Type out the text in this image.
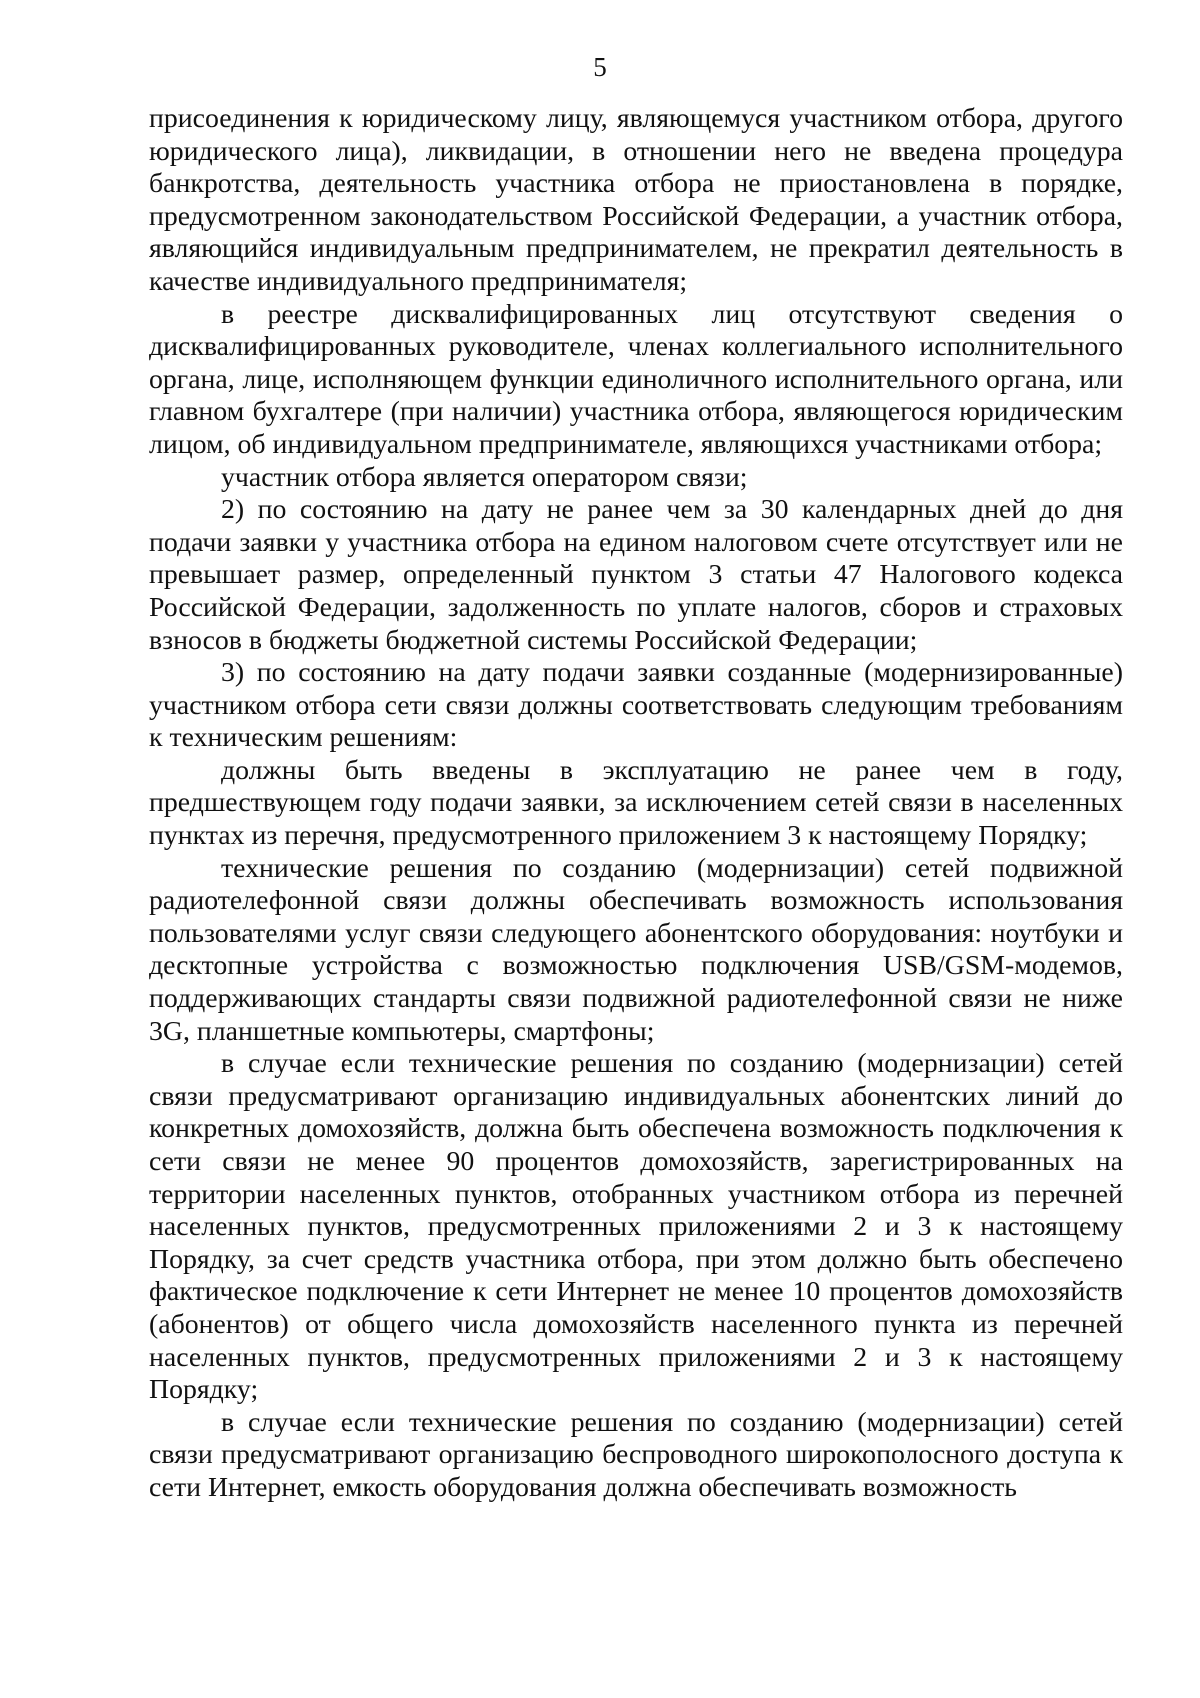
5

присоединения к юридическому лицу, являющемуся участником отбора, другого юридического лица), ликвидации, в отношении него не введена процедура банкротства, деятельность участника отбора не приостановлена в порядке, предусмотренном законодательством Российской Федерации, а участник отбора, являющийся индивидуальным предпринимателем, не прекратил деятельность в качестве индивидуального предпринимателя;

в реестре дисквалифицированных лиц отсутствуют сведения о дисквалифицированных руководителе, членах коллегиального исполнительного органа, лице, исполняющем функции единоличного исполнительного органа, или главном бухгалтере (при наличии) участника отбора, являющегося юридическим лицом, об индивидуальном предпринимателе, являющихся участниками отбора;

участник отбора является оператором связи;

2) по состоянию на дату не ранее чем за 30 календарных дней до дня подачи заявки у участника отбора на едином налоговом счете отсутствует или не превышает размер, определенный пунктом 3 статьи 47 Налогового кодекса Российской Федерации, задолженность по уплате налогов, сборов и страховых взносов в бюджеты бюджетной системы Российской Федерации;

3) по состоянию на дату подачи заявки созданные (модернизированные) участником отбора сети связи должны соответствовать следующим требованиям к техническим решениям:

должны быть введены в эксплуатацию не ранее чем в году, предшествующем году подачи заявки, за исключением сетей связи в населенных пунктах из перечня, предусмотренного приложением 3 к настоящему Порядку;

технические решения по созданию (модернизации) сетей подвижной радиотелефонной связи должны обеспечивать возможность использования пользователями услуг связи следующего абонентского оборудования: ноутбуки и десктопные устройства с возможностью подключения USB/GSM-модемов, поддерживающих стандарты связи подвижной радиотелефонной связи не ниже 3G, планшетные компьютеры, смартфоны;

в случае если технические решения по созданию (модернизации) сетей связи предусматривают организацию индивидуальных абонентских линий до конкретных домохозяйств, должна быть обеспечена возможность подключения к сети связи не менее 90 процентов домохозяйств, зарегистрированных на территории населенных пунктов, отобранных участником отбора из перечней населенных пунктов, предусмотренных приложениями 2 и 3 к настоящему Порядку, за счет средств участника отбора, при этом должно быть обеспечено фактическое подключение к сети Интернет не менее 10 процентов домохозяйств (абонентов) от общего числа домохозяйств населенного пункта из перечней населенных пунктов, предусмотренных приложениями 2 и 3 к настоящему Порядку;

в случае если технические решения по созданию (модернизации) сетей связи предусматривают организацию беспроводного широкополосного доступа к сети Интернет, емкость оборудования должна обеспечивать возможность
